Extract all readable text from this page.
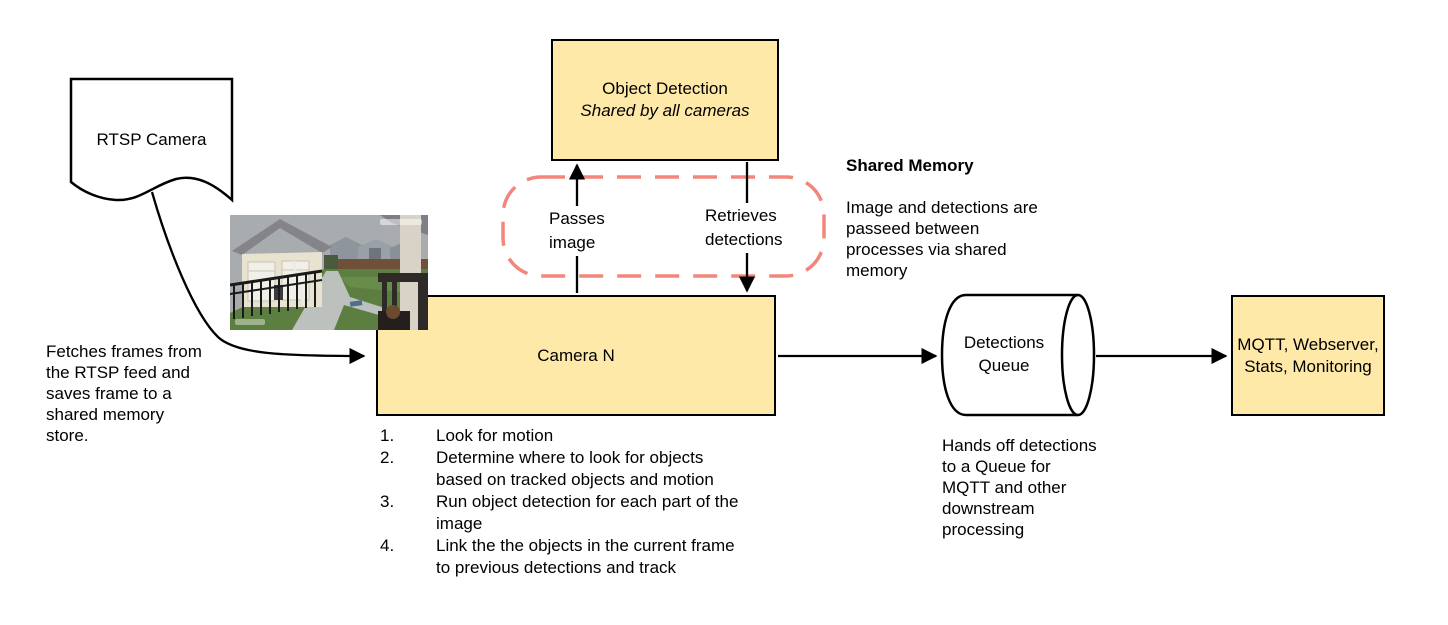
RTSP Camera
Object Detection
Shared by all cameras
Camera N
MQTT, Webserver,
Stats, Monitoring
Detections
Queue
Fetches frames from
the RTSP feed and
saves frame to a
shared memory
store.
Passes
image
Retrieves
detections

Shared Memory

Image and detections are
passeed between
processes via shared
memory

Hands off detections
to a Queue for
MQTT and other
downstream
processing
1.	Look for motion
2.	Determine where to look for objects
based on tracked objects and motion
3.	Run object detection for each part of the
image
4.	Link the the objects in the current frame
to previous detections and track
